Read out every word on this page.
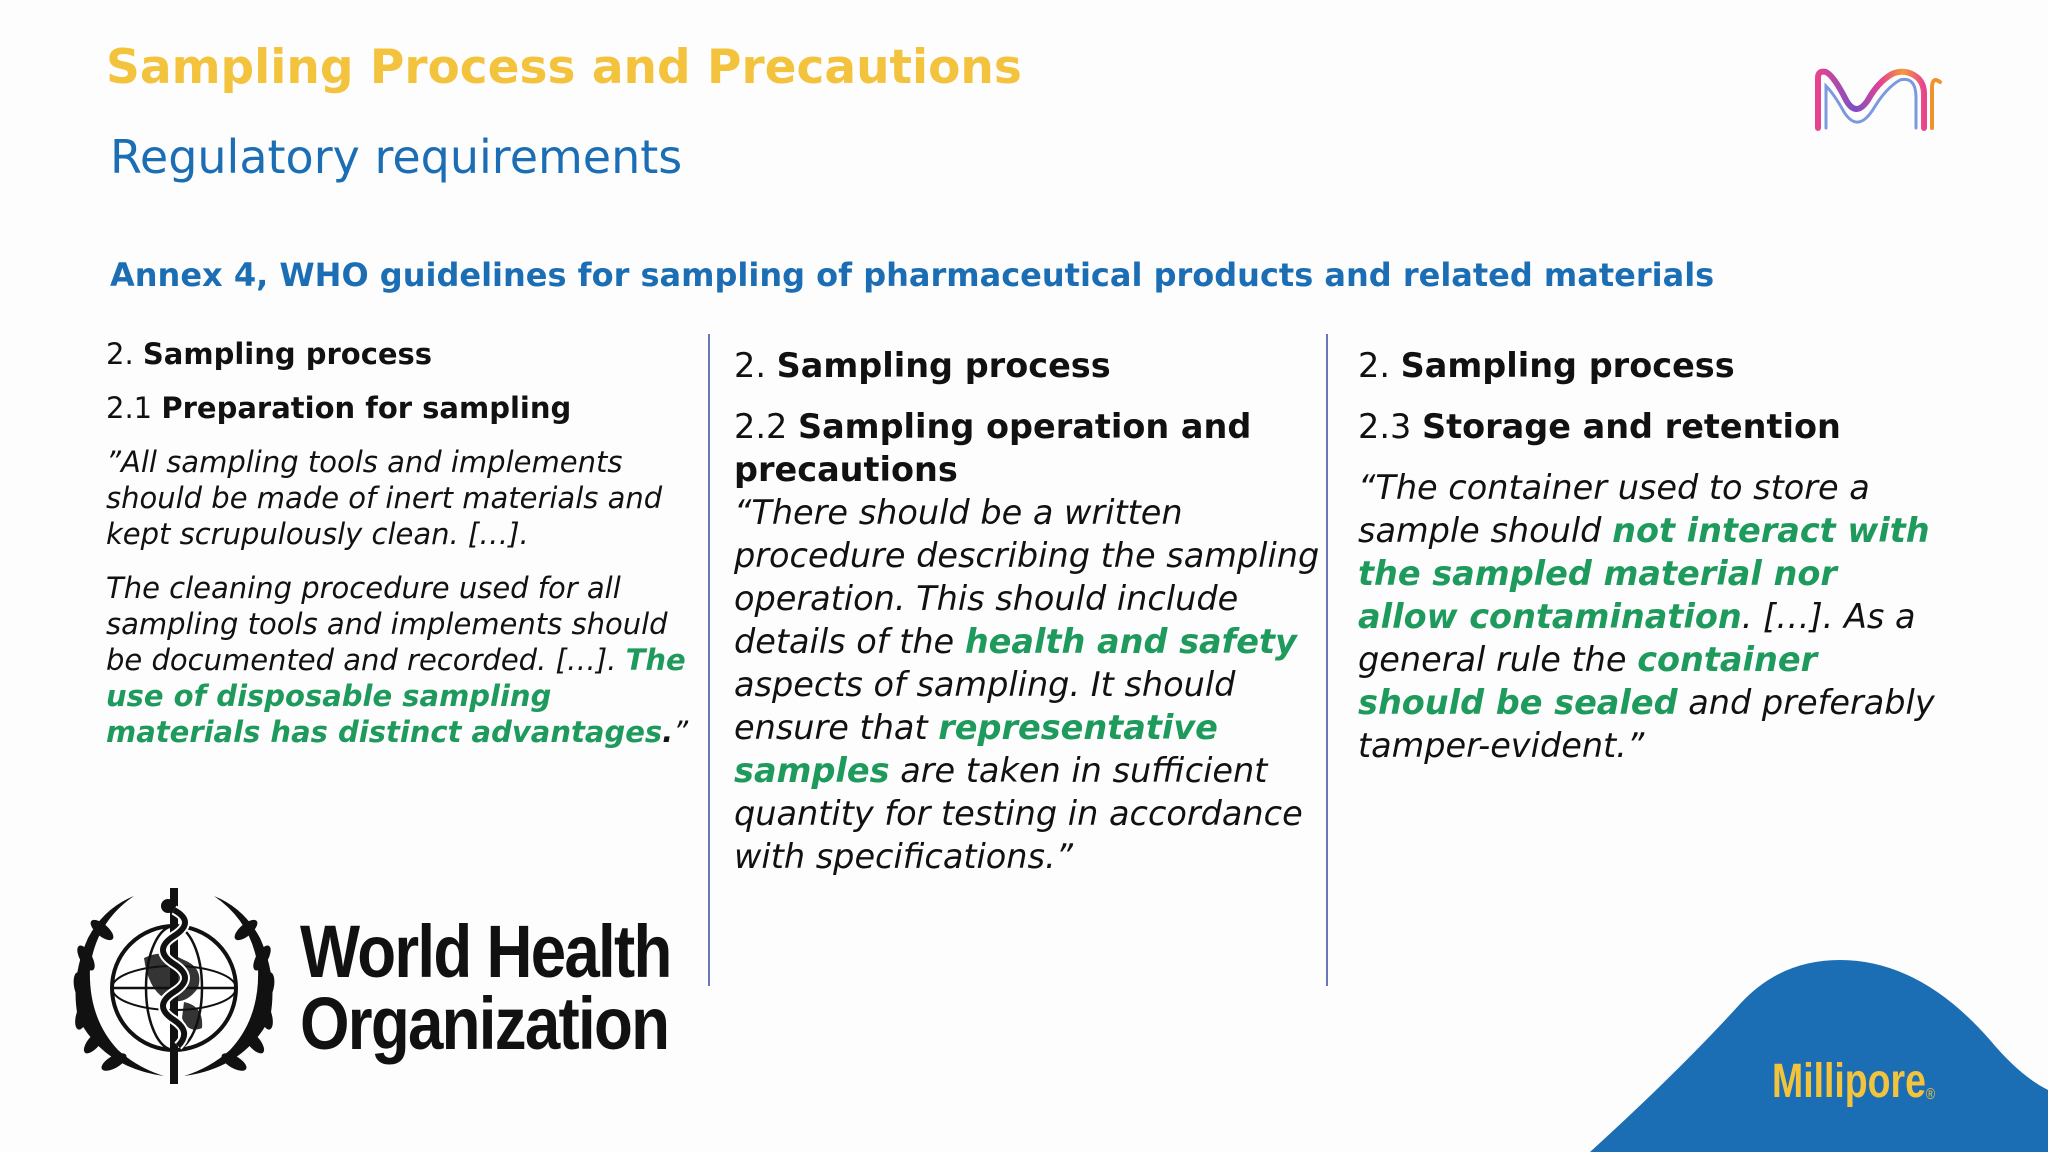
Sampling Process and Precautions
Regulatory requirements
Annex 4, WHO guidelines for sampling of pharmaceutical products and related materials

2. Sampling process

2.1 Preparation for sampling

”All sampling tools and implements should be made of inert materials and kept scrupulously clean. […].

The cleaning procedure used for all sampling tools and implements should be documented and recorded. […]. The use of disposable sampling materials has distinct advantages.”

2. Sampling process

2.2 Sampling operation and precautions

“There should be a written procedure describing the sampling operation. This should include details of the health and safety aspects of sampling. It should ensure that representative samples are taken in sufficient quantity for testing in accordance with specifications.”

2. Sampling process

2.3 Storage and retention

“The container used to store a sample should not interact with the sampled material nor allow contamination. […]. As a general rule the container should be sealed and preferably tamper-evident.”

World Health
Organization
Millipore®
